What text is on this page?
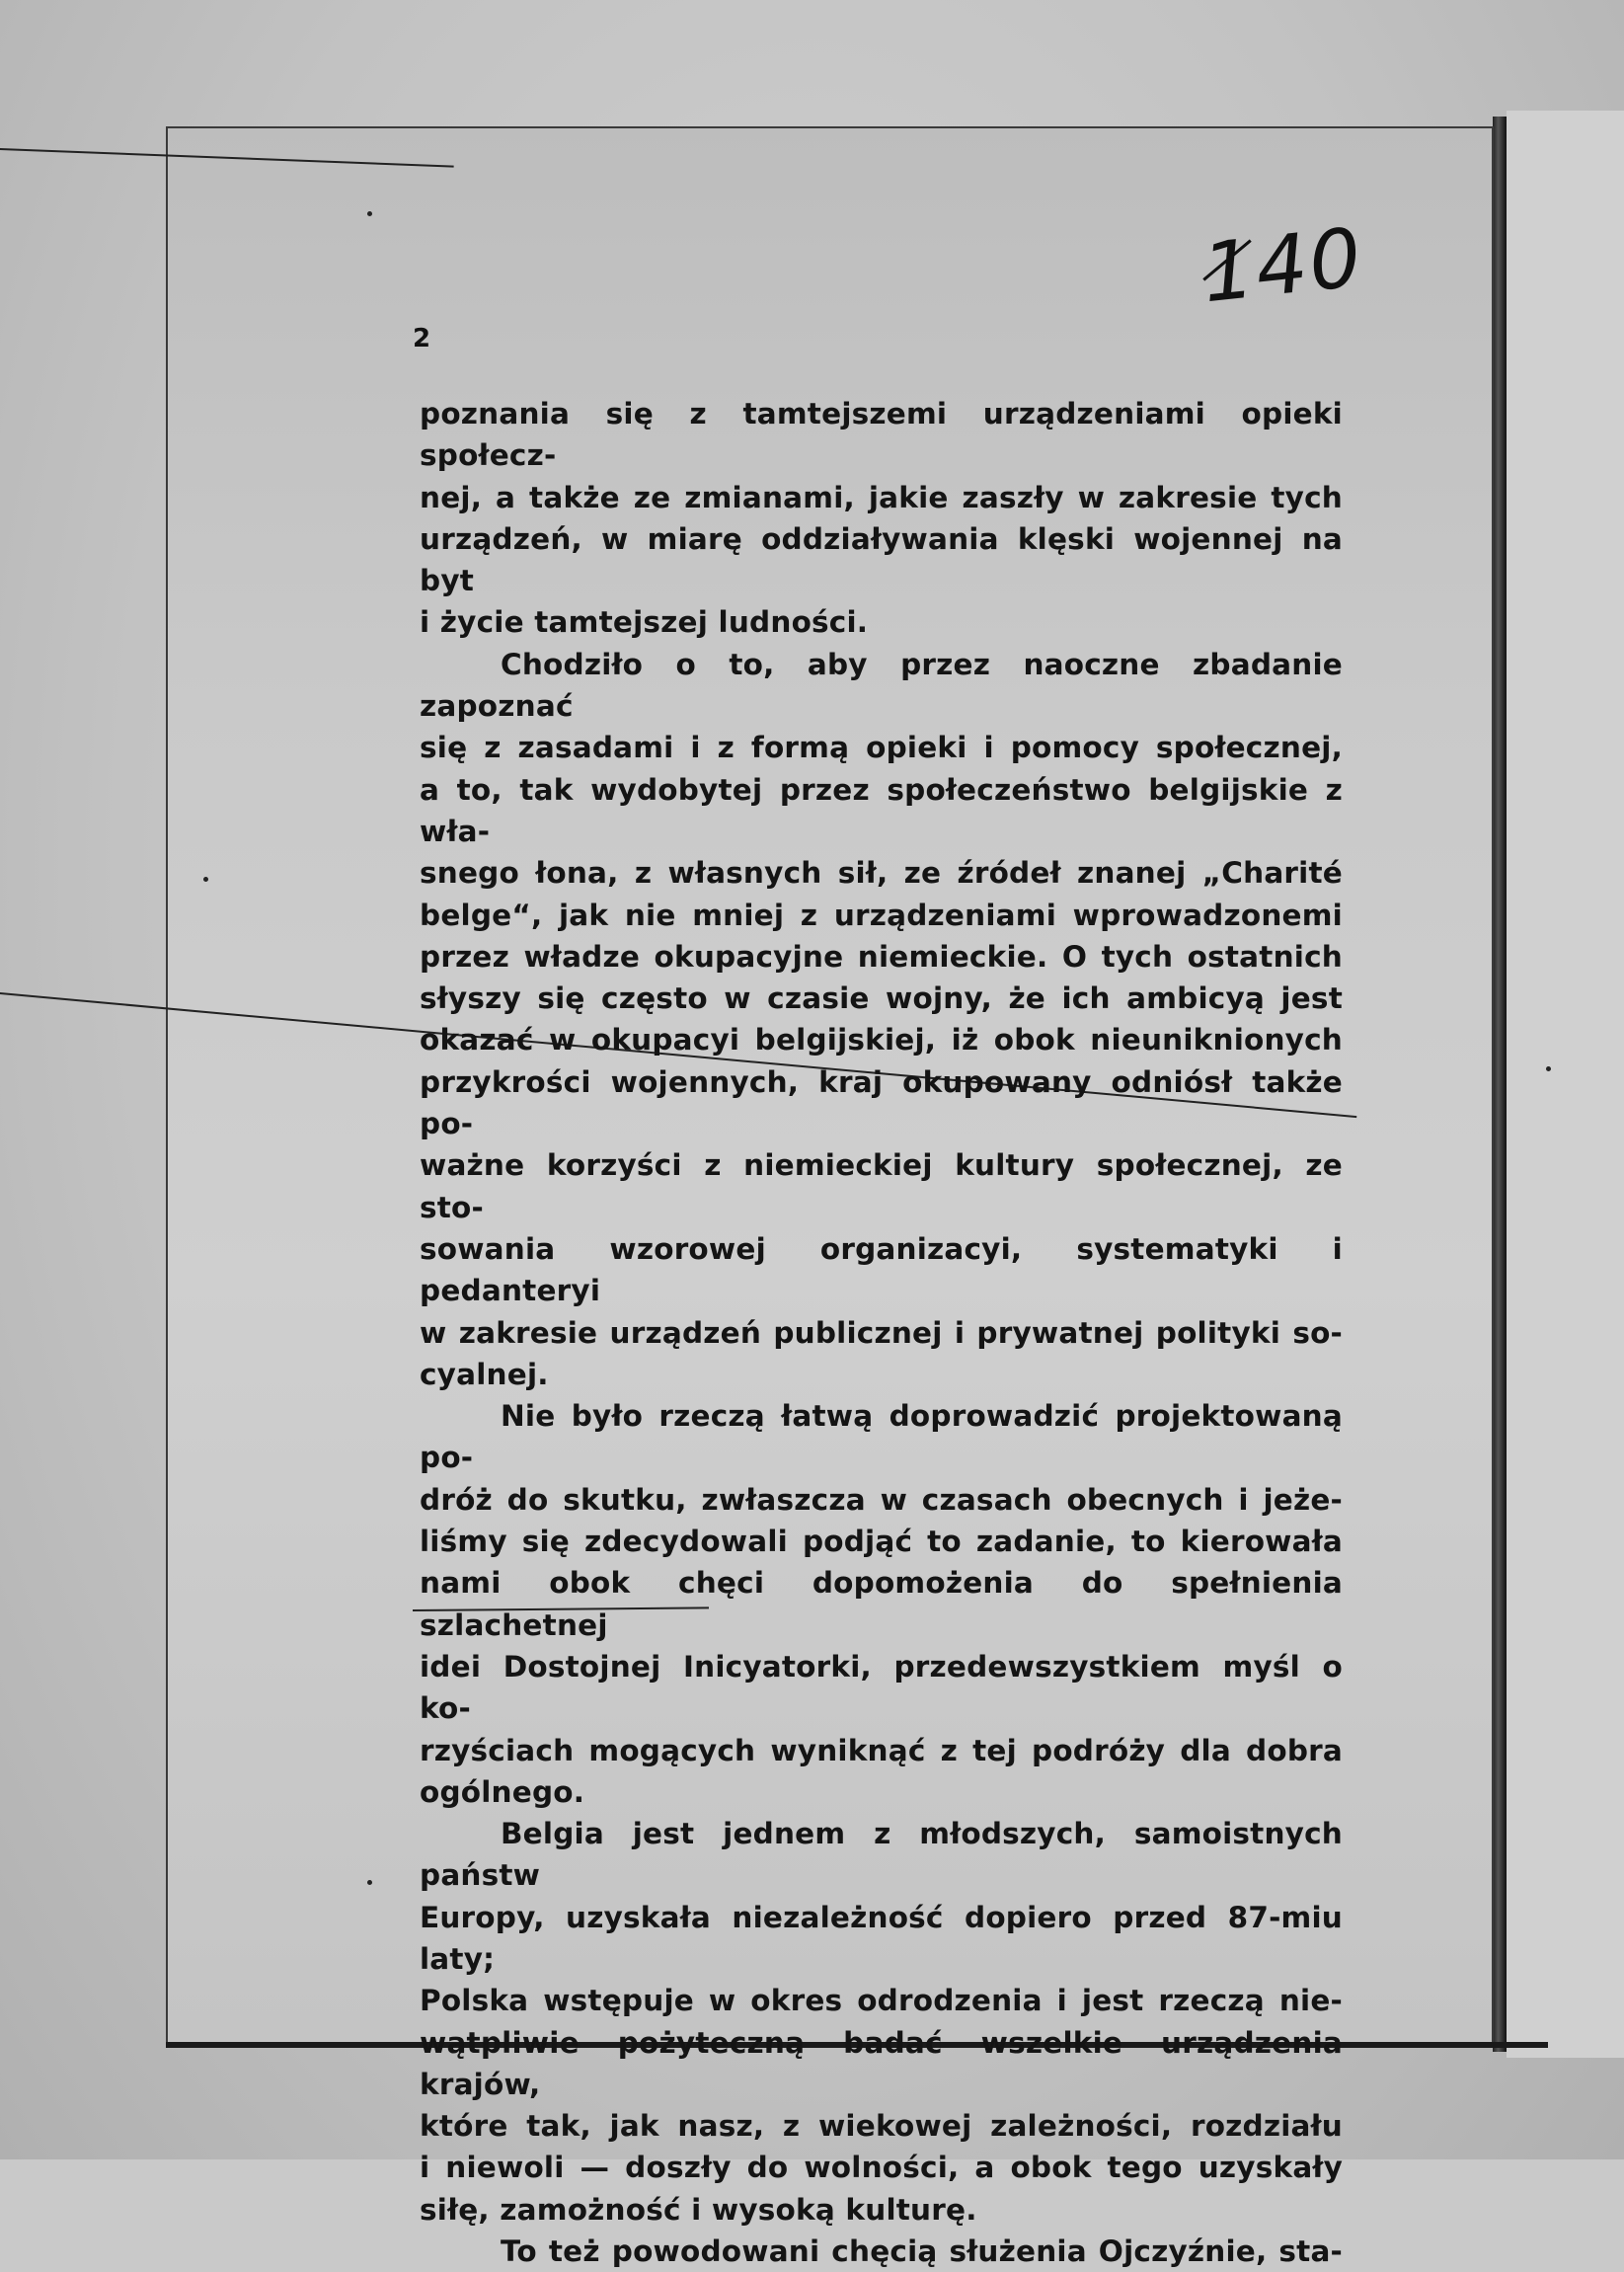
2
140

poznania się z tamtejszemi urządzeniami opieki społecz-

nej, a także ze zmianami, jakie zaszły w zakresie tych

urządzeń, w miarę oddziaływania klęski wojennej na byt

i życie tamtejszej ludności.

Chodziło o to, aby przez naoczne zbadanie zapoznać

się z zasadami i z formą opieki i pomocy społecznej,

a to, tak wydobytej przez społeczeństwo belgijskie z wła-

snego łona, z własnych sił, ze źródeł znanej „Charité

belge“, jak nie mniej z urządzeniami wprowadzonemi

przez władze okupacyjne niemieckie. O tych ostatnich

słyszy się często w czasie wojny, że ich ambicyą jest

okazać w okupacyi belgijskiej, iż obok nieuniknionych

przykrości wojennych, kraj okupowany odniósł także po-

ważne korzyści z niemieckiej kultury społecznej, ze sto-

sowania wzorowej organizacyi, systematyki i pedanteryi

w zakresie urządzeń publicznej i prywatnej polityki so-

cyalnej.

Nie było rzeczą łatwą doprowadzić projektowaną po-

dróż do skutku, zwłaszcza w czasach obecnych i jeże-

liśmy się zdecydowali podjąć to zadanie, to kierowała

nami obok chęci dopomożenia do spełnienia szlachetnej

idei Dostojnej Inicyatorki, przedewszystkiem myśl o ko-

rzyściach mogących wyniknąć z tej podróży dla dobra

ogólnego.

Belgia jest jednem z młodszych, samoistnych państw

Europy, uzyskała niezależność dopiero przed 87-miu laty;

Polska wstępuje w okres odrodzenia i jest rzeczą nie-

wątpliwie pożyteczną badać wszelkie urządzenia krajów,

które tak, jak nasz, z wiekowej zależności, rozdziału

i niewoli — doszły do wolności, a obok tego uzyskały

siłę, zamożność i wysoką kulturę.

To też powodowani chęcią służenia Ojczyźnie, sta-
